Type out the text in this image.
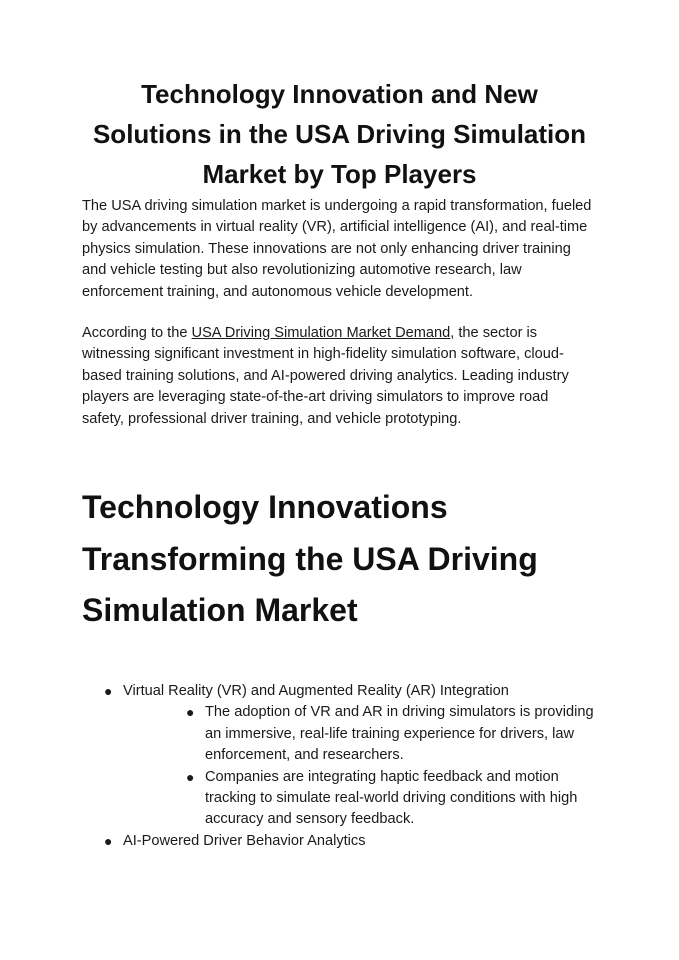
Technology Innovation and New Solutions in the USA Driving Simulation Market by Top Players

The USA driving simulation market is undergoing a rapid transformation, fueled by advancements in virtual reality (VR), artificial intelligence (AI), and real-time physics simulation. These innovations are not only enhancing driver training and vehicle testing but also revolutionizing automotive research, law enforcement training, and autonomous vehicle development.

According to the USA Driving Simulation Market Demand, the sector is witnessing significant investment in high-fidelity simulation software, cloud-based training solutions, and AI-powered driving analytics. Leading industry players are leveraging state-of-the-art driving simulators to improve road safety, professional driver training, and vehicle prototyping.

Technology Innovations Transforming the USA Driving Simulation Market
● Virtual Reality (VR) and Augmented Reality (AR) Integration
● The adoption of VR and AR in driving simulators is providing an immersive, real-life training experience for drivers, law enforcement, and researchers.
● Companies are integrating haptic feedback and motion tracking to simulate real-world driving conditions with high accuracy and sensory feedback.
● AI-Powered Driver Behavior Analytics
